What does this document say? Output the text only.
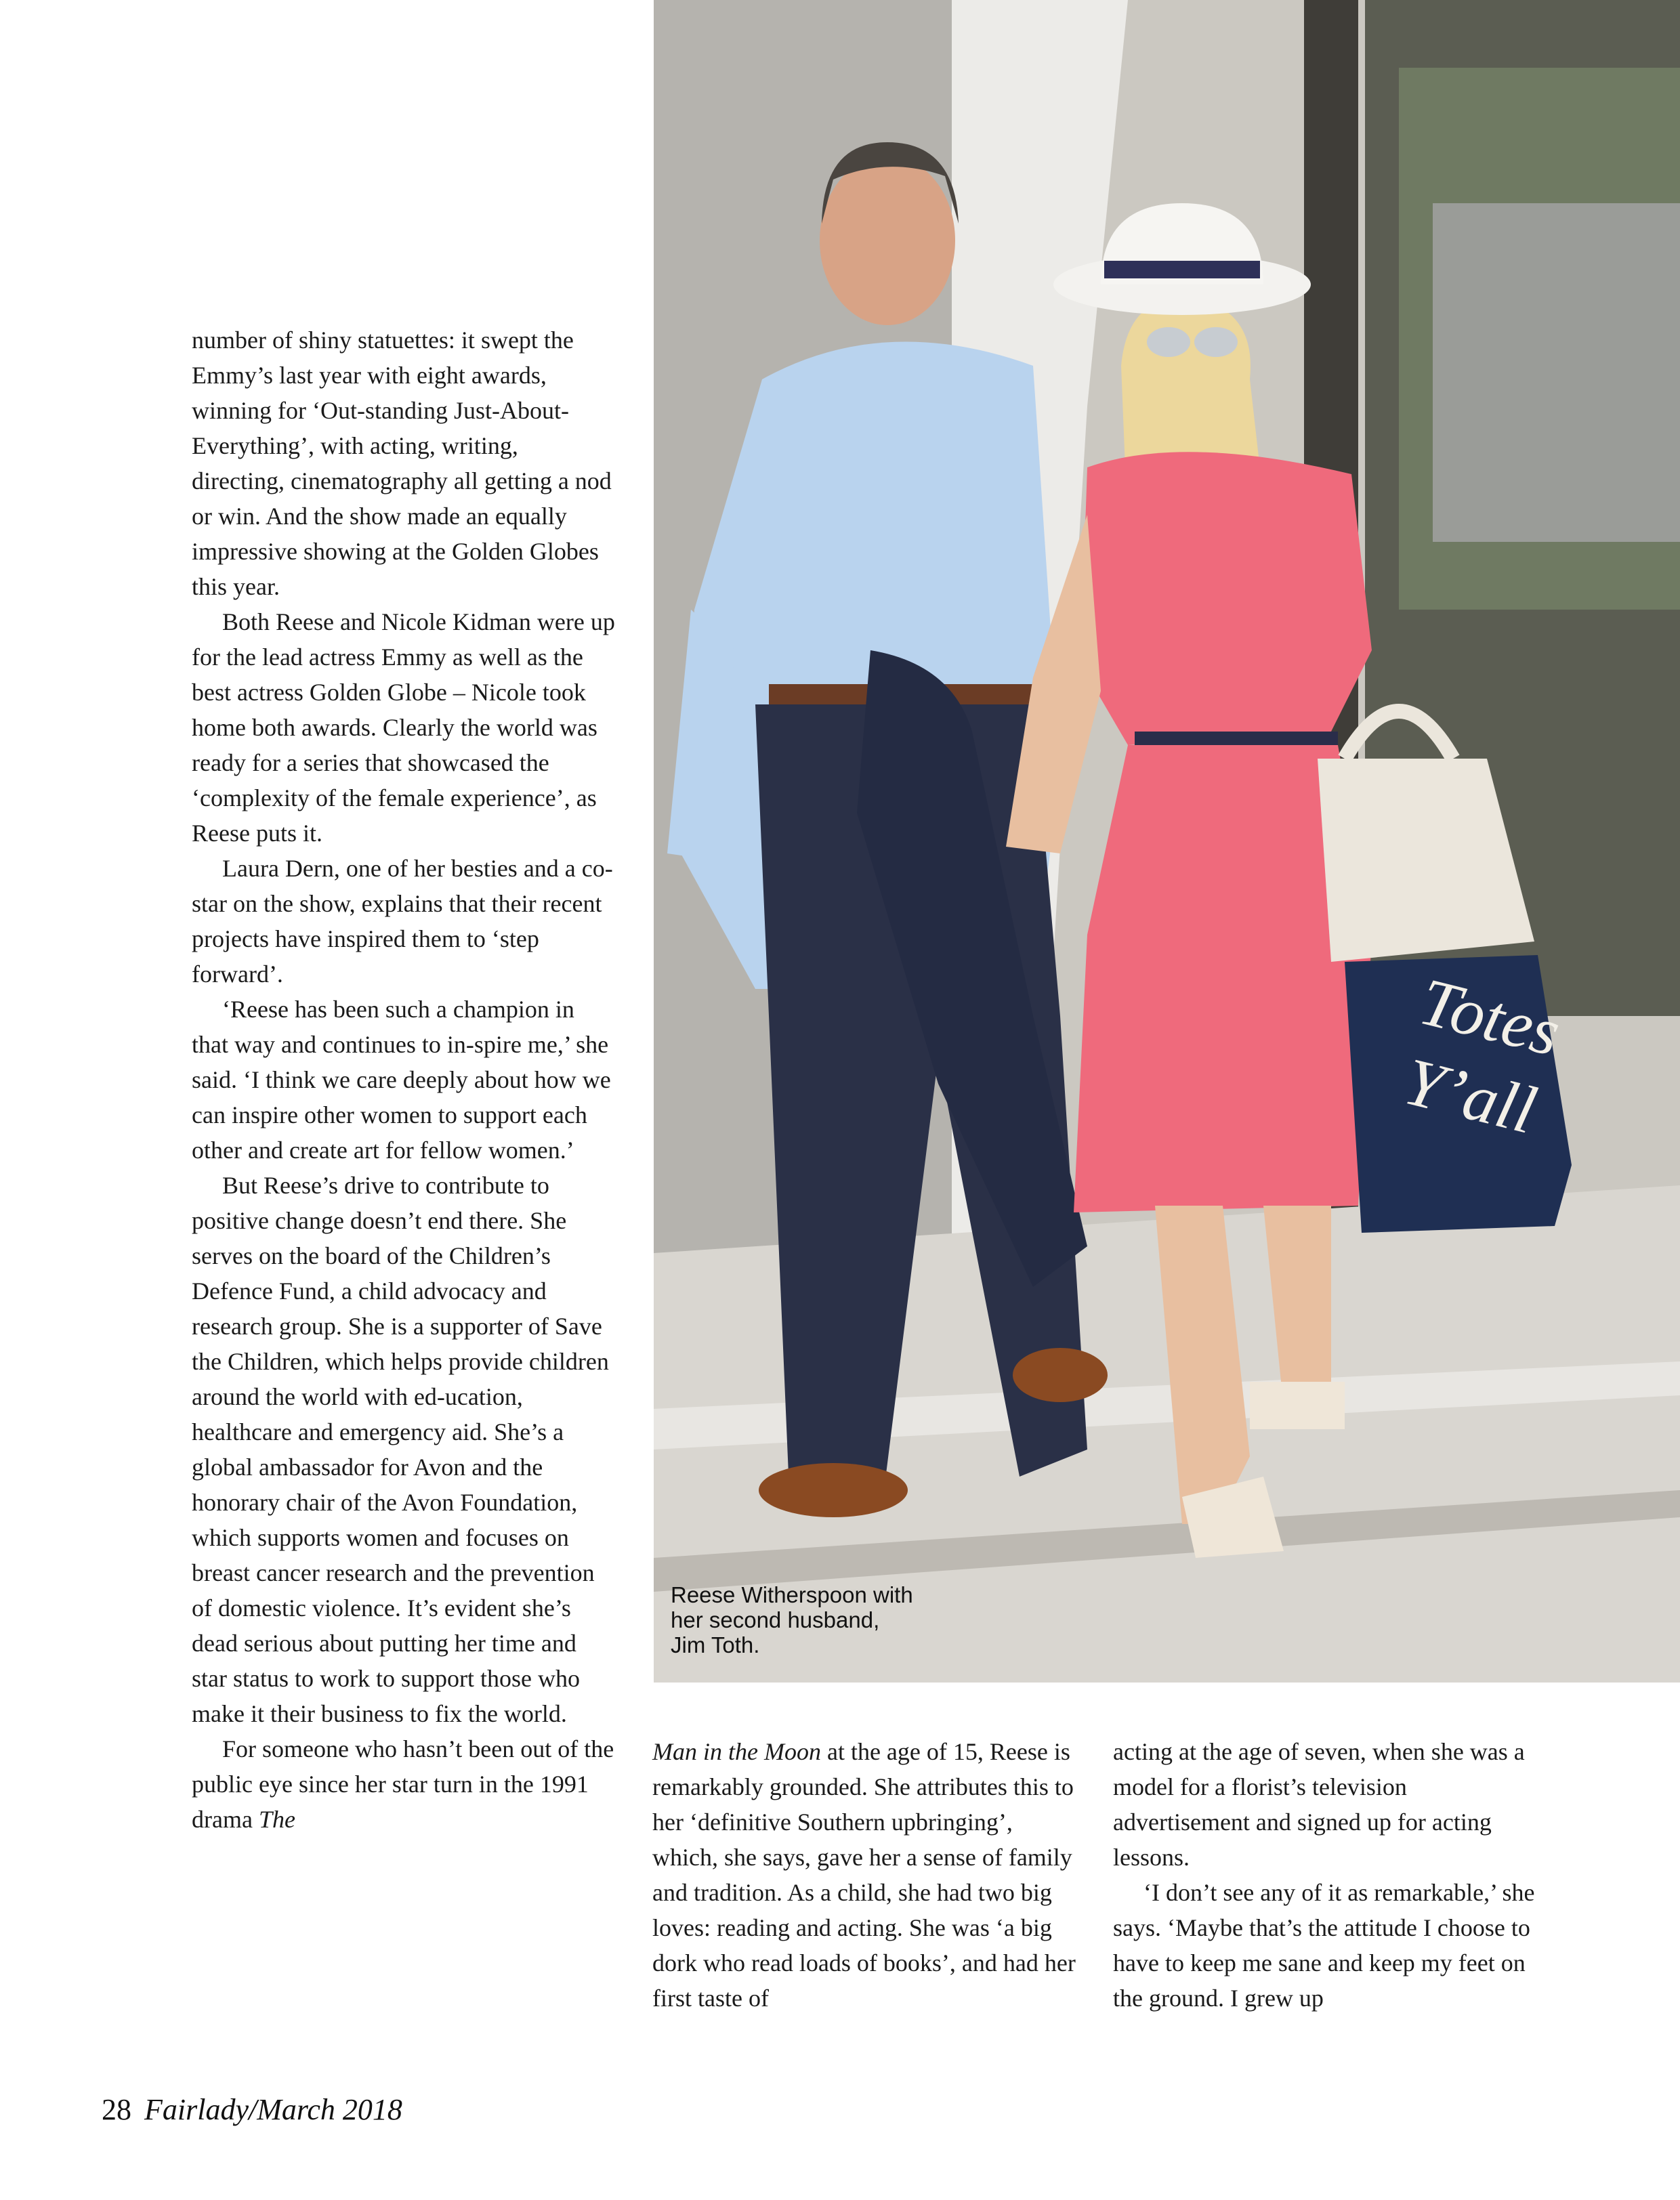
number of shiny statuettes: it swept the Emmy’s last year with eight awards, winning for ‘Out-standing Just-About-Everything’, with acting, writing, directing, cinematography all getting a nod or win. And the show made an equally impressive showing at the Golden Globes this year.

Both Reese and Nicole Kidman were up for the lead actress Emmy as well as the best actress Golden Globe – Nicole took home both awards. Clearly the world was ready for a series that showcased the ‘complexity of the female experience’, as Reese puts it.

Laura Dern, one of her besties and a co-star on the show, explains that their recent projects have inspired them to ‘step forward’.

‘Reese has been such a champion in that way and continues to in-spire me,’ she said. ‘I think we care deeply about how we can inspire other women to support each other and create art for fellow women.’

But Reese’s drive to contribute to positive change doesn’t end there. She serves on the board of the Children’s Defence Fund, a child advocacy and research group. She is a supporter of Save the Children, which helps provide children around the world with ed-ucation, healthcare and emergency aid. She’s a global ambassador for Avon and the honorary chair of the Avon Foundation, which supports women and focuses on breast cancer research and the prevention of domestic violence. It’s evident she’s dead serious about putting her time and star status to work to support those who make it their business to fix the world.

For someone who hasn’t been out of the public eye since her star turn in the 1991 drama The

Totes
Y’all

Reese Witherspoon with

her second husband,

Jim Toth.

Man in the Moon at the age of 15, Reese is remarkably grounded. She attributes this to her ‘definitive Southern upbringing’, which, she says, gave her a sense of family and tradition. As a child, she had two big loves: reading and acting. She was ‘a big dork who read loads of books’, and had her first taste of

acting at the age of seven, when she was a model for a florist’s television advertisement and signed up for acting lessons.

‘I don’t see any of it as remarkable,’ she says. ‘Maybe that’s the attitude I choose to have to keep me sane and keep my feet on the ground. I grew up

28 Fairlady/March 2018
